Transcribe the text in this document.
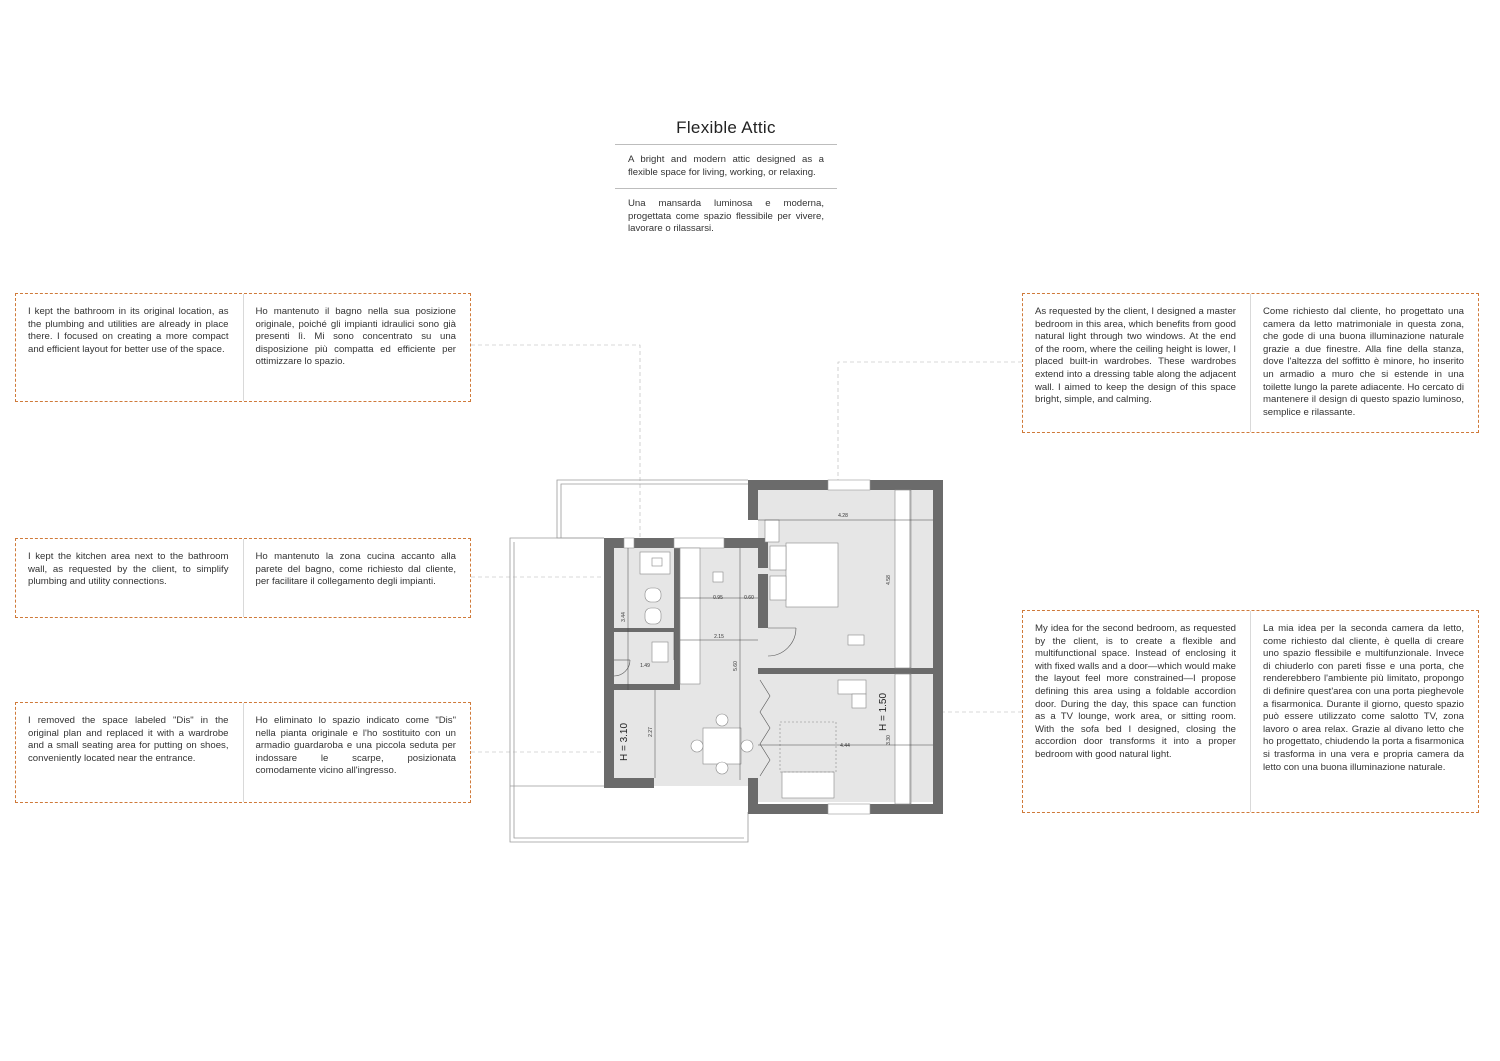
Flexible Attic
A bright and modern attic designed as a flexible space for living, working, or relaxing.
Una mansarda luminosa e moderna, progettata come spazio flessibile per vivere, lavorare o rilassarsi.
I kept the bathroom in its original location, as the plumbing and utilities are already in place there. I focused on creating a more compact and efficient layout for better use of the space.
Ho mantenuto il bagno nella sua posizione originale, poiché gli impianti idraulici sono già presenti lì. Mi sono concentrato su una disposizione più compatta ed efficiente per ottimizzare lo spazio.
I kept the kitchen area next to the bathroom wall, as requested by the client, to simplify plumbing and utility connections.
Ho mantenuto la zona cucina accanto alla parete del bagno, come richiesto dal cliente, per facilitare il collegamento degli impianti.
I removed the space labeled "Dis" in the original plan and replaced it with a wardrobe and a small seating area for putting on shoes, conveniently located near the entrance.
Ho eliminato lo spazio indicato come "Dis" nella pianta originale e l'ho sostituito con un armadio guardaroba e una piccola seduta per indossare le scarpe, posizionata comodamente vicino all'ingresso.
As requested by the client, I designed a master bedroom in this area, which benefits from good natural light through two windows. At the end of the room, where the ceiling height is lower, I placed built-in wardrobes. These wardrobes extend into a dressing table along the adjacent wall. I aimed to keep the design of this space bright, simple, and calming.
Come richiesto dal cliente, ho progettato una camera da letto matrimoniale in questa zona, che gode di una buona illuminazione naturale grazie a due finestre. Alla fine della stanza, dove l'altezza del soffitto è minore, ho inserito un armadio a muro che si estende in una toilette lungo la parete adiacente. Ho cercato di mantenere il design di questo spazio luminoso, semplice e rilassante.
My idea for the second bedroom, as requested by the client, is to create a flexible and multifunctional space. Instead of enclosing it with fixed walls and a door—which would make the layout feel more constrained—I propose defining this area using a foldable accordion door. During the day, this space can function as a TV lounge, work area, or sitting room. With the sofa bed I designed, closing the accordion door transforms it into a proper bedroom with good natural light.
La mia idea per la seconda camera da letto, come richiesto dal cliente, è quella di creare uno spazio flessibile e multifunzionale. Invece di chiuderlo con pareti fisse e una porta, che renderebbero l'ambiente più limitato, propongo di definire quest'area con una porta pieghevole a fisarmonica. Durante il giorno, questo spazio può essere utilizzato come salotto TV, zona lavoro o area relax. Grazie al divano letto che ho progettato, chiudendo la porta a fisarmonica si trasforma in una vera e propria camera da letto con una buona illuminazione naturale.
4.28
4.58
3.44
0.95	0.60
1.49
2.15
5.60
2.27
4.44
3.30
H = 3.10
H = 1.50
